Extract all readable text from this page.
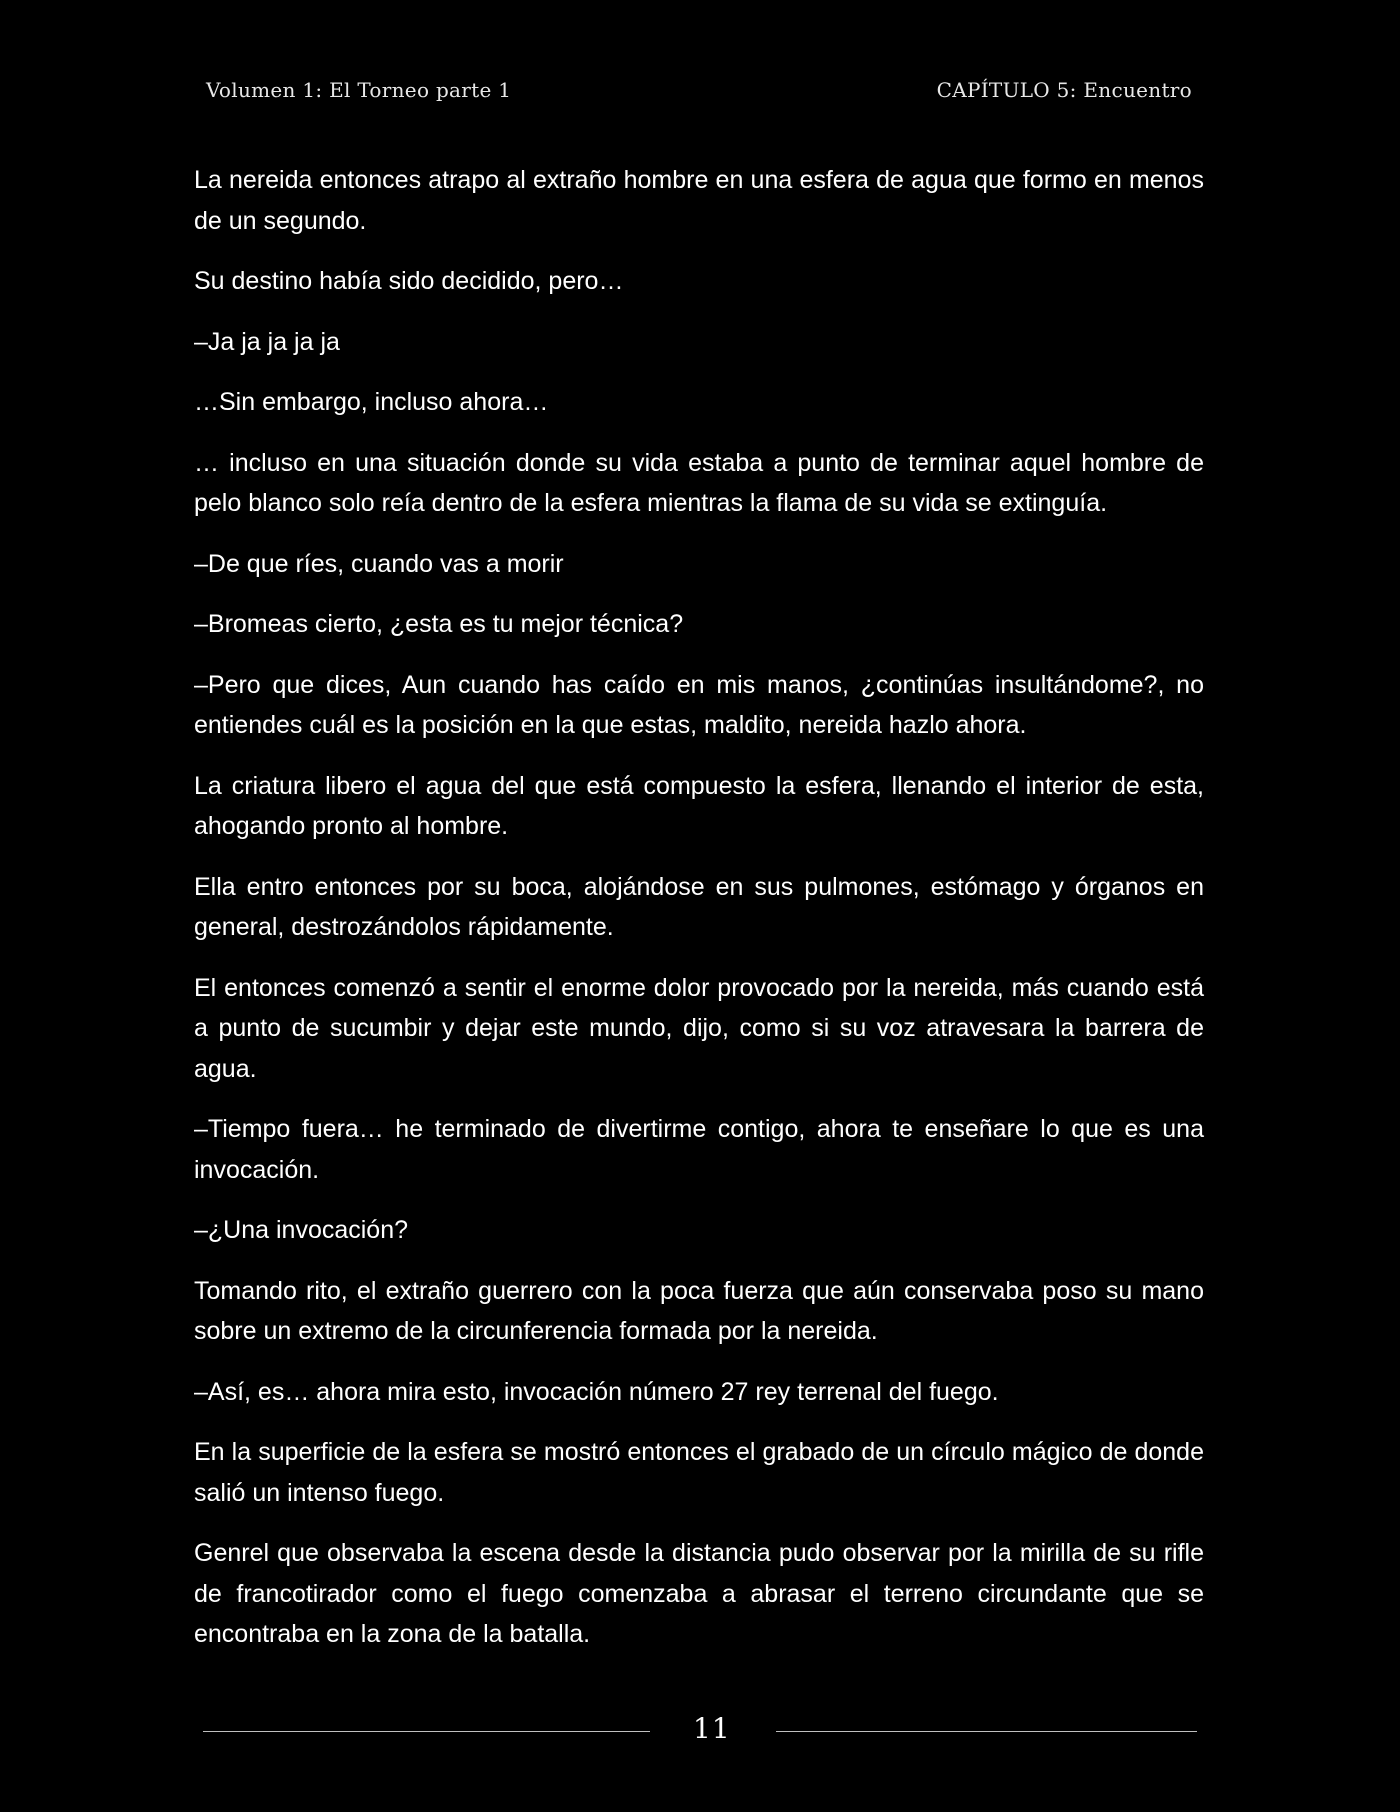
Volumen 1: El Torneo parte 1	CAPÍTULO 5: Encuentro

La nereida entonces atrapo al extraño hombre en una esfera de agua que formo en menos de un segundo.

Su destino había sido decidido, pero…

–Ja ja ja ja ja

…Sin embargo, incluso ahora…

… incluso en una situación donde su vida estaba a punto de terminar aquel hombre de pelo blanco solo reía dentro de la esfera mientras la flama de su vida se extinguía.

–De que ríes, cuando vas a morir

–Bromeas cierto, ¿esta es tu mejor técnica?

–Pero que dices, Aun cuando has caído en mis manos, ¿continúas insultándome?, no entiendes cuál es la posición en la que estas, maldito, nereida hazlo ahora.

La criatura libero el agua del que está compuesto la esfera, llenando el interior de esta, ahogando pronto al hombre.

Ella entro entonces por su boca, alojándose en sus pulmones, estómago y órganos en general, destrozándolos rápidamente.

El entonces comenzó a sentir el enorme dolor provocado por la nereida, más cuando está a punto de sucumbir y dejar este mundo, dijo, como si su voz atravesara la barrera de agua.

–Tiempo fuera… he terminado de divertirme contigo, ahora te enseñare lo que es una invocación.

–¿Una invocación?

Tomando rito, el extraño guerrero con la poca fuerza que aún conservaba poso su mano sobre un extremo de la circunferencia formada por la nereida.

–Así, es… ahora mira esto, invocación número 27 rey terrenal del fuego.

En la superficie de la esfera se mostró entonces el grabado de un círculo mágico de donde salió un intenso fuego.

Genrel que observaba la escena desde la distancia pudo observar por la mirilla de su rifle de francotirador como el fuego comenzaba a abrasar el terreno circundante que se encontraba en la zona de la batalla.

11
